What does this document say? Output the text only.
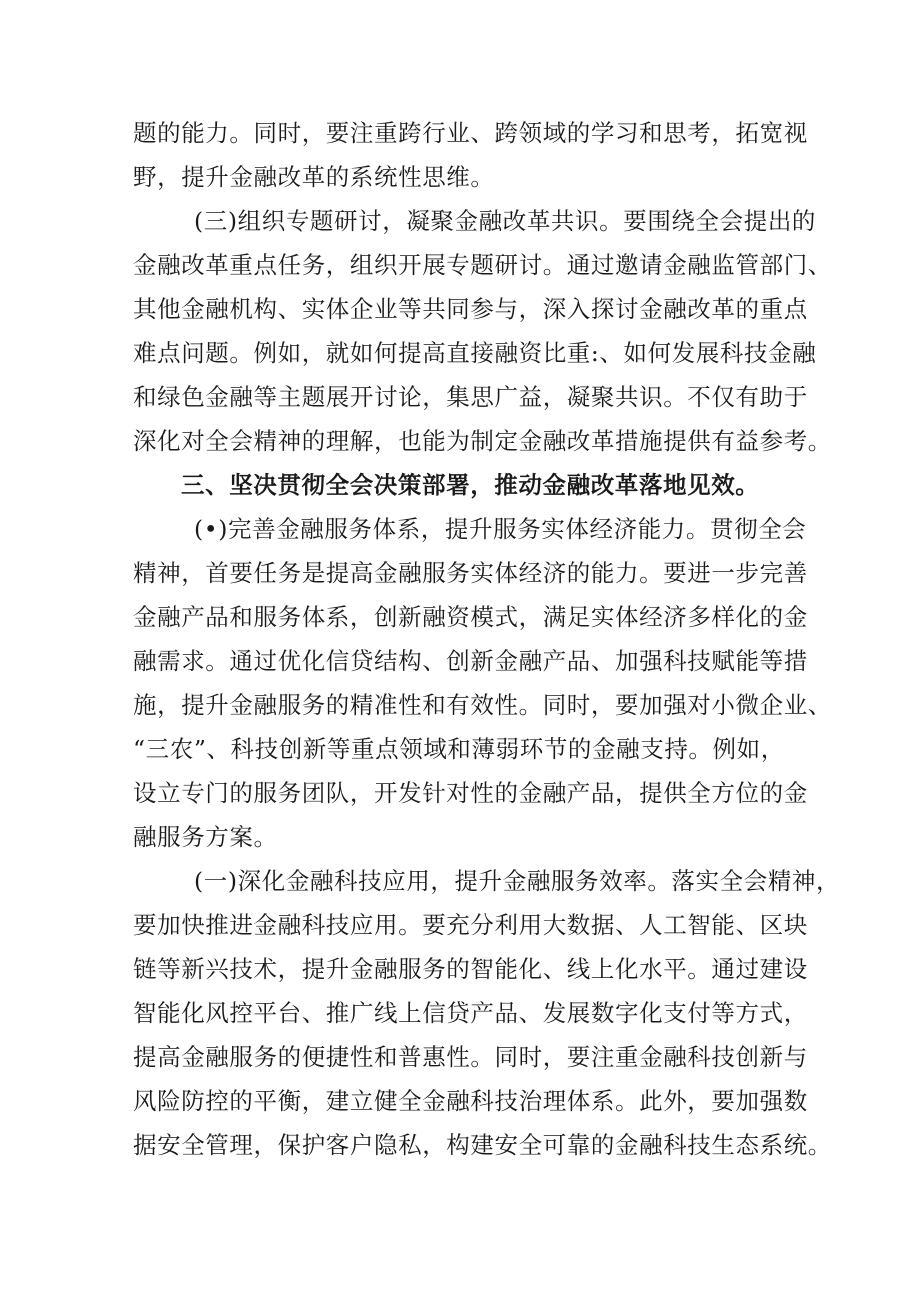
题的能力。同时，要注重跨行业、跨领域的学习和思考，拓宽视
野，提升金融改革的系统性思维。
(三)组织专题研讨，凝聚金融改革共识。要围绕全会提出的
金融改革重点任务，组织开展专题研讨。通过邀请金融监管部门、
其他金融机构、实体企业等共同参与，深入探讨金融改革的重点
难点问题。例如，就如何提高直接融资比重:、如何发展科技金融
和绿色金融等主题展开讨论，集思广益，凝聚共识。不仅有助于
深化对全会精神的理解，也能为制定金融改革措施提供有益参考。
三、坚决贯彻全会决策部署，推动金融改革落地见效。
(•)完善金融服务体系，提升服务实体经济能力。贯彻全会
精神，首要任务是提高金融服务实体经济的能力。要进一步完善
金融产品和服务体系，创新融资模式，满足实体经济多样化的金
融需求。通过优化信贷结构、创新金融产品、加强科技赋能等措
施，提升金融服务的精准性和有效性。同时，要加强对小微企业、
“三农”、科技创新等重点领域和薄弱环节的金融支持。例如，
设立专门的服务团队，开发针对性的金融产品，提供全方位的金
融服务方案。
(一)深化金融科技应用，提升金融服务效率。落实全会精神，
要加快推进金融科技应用。要充分利用大数据、人工智能、区块
链等新兴技术，提升金融服务的智能化、线上化水平。通过建设
智能化风控平台、推广线上信贷产品、发展数字化支付等方式，
提高金融服务的便捷性和普惠性。同时，要注重金融科技创新与
风险防控的平衡，建立健全金融科技治理体系。此外，要加强数
据安全管理，保护客户隐私，构建安全可靠的金融科技生态系统。
